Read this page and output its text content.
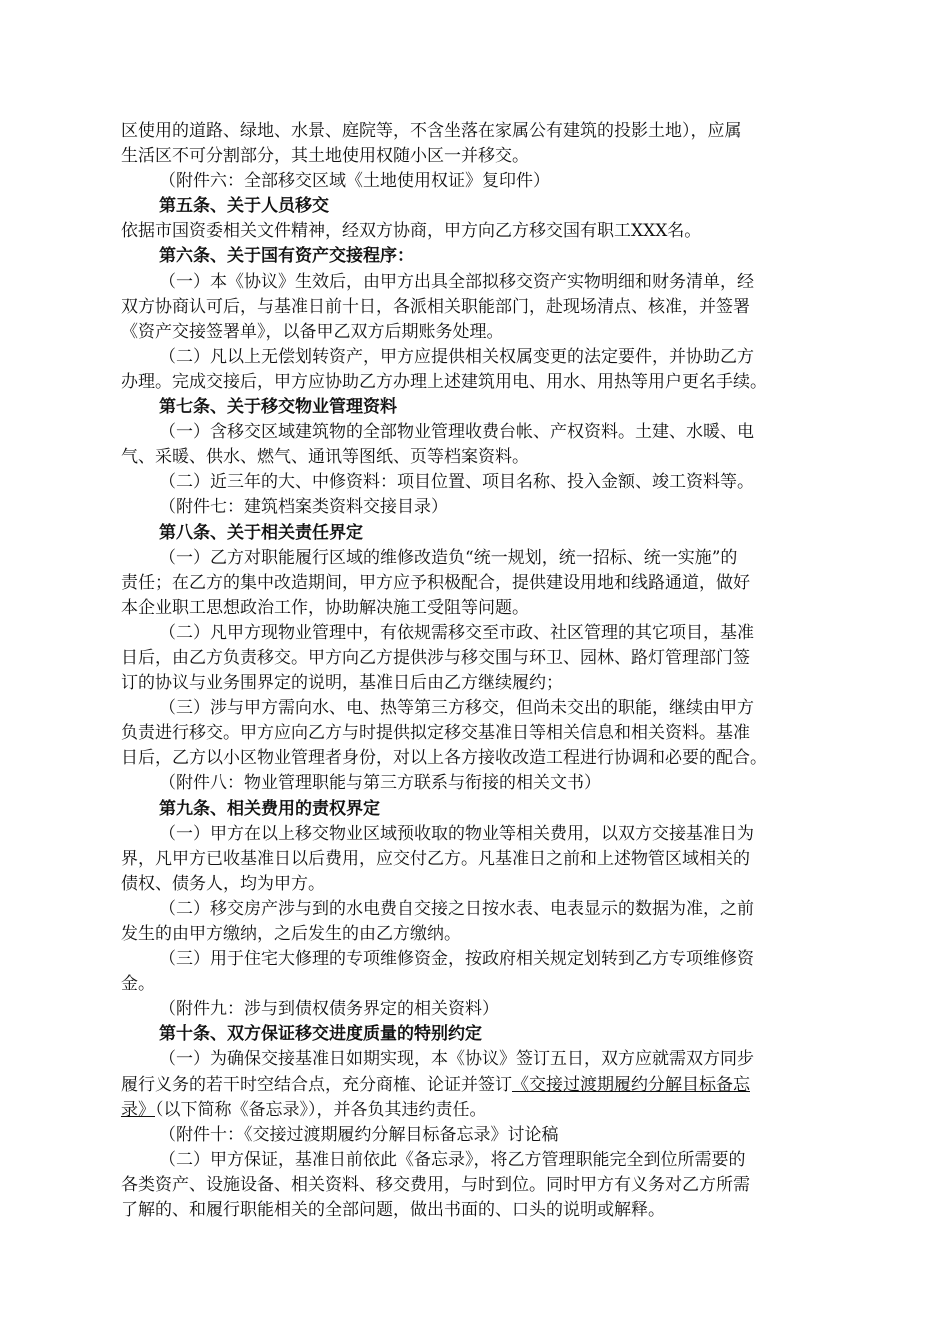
区使用的道路、绿地、水景、庭院等，不含坐落在家属公有建筑的投影土地），应属
生活区不可分割部分，其土地使用权随小区一并移交。
（附件六：全部移交区域《土地使用权证》复印件）
第五条、关于人员移交
依据市国资委相关文件精神，经双方协商，甲方向乙方移交国有职工XXX名。
第六条、关于国有资产交接程序：
（一）本《协议》生效后，由甲方出具全部拟移交资产实物明细和财务清单，经
双方协商认可后，与基准日前十日，各派相关职能部门，赴现场清点、核准，并签署
《资产交接签署单》，以备甲乙双方后期账务处理。
（二）凡以上无偿划转资产，甲方应提供相关权属变更的法定要件，并协助乙方
办理。完成交接后，甲方应协助乙方办理上述建筑用电、用水、用热等用户更名手续。
第七条、关于移交物业管理资料
（一）含移交区域建筑物的全部物业管理收费台帐、产权资料。土建、水暖、电
气、采暖、供水、燃气、通讯等图纸、页等档案资料。
（二）近三年的大、中修资料：项目位置、项目名称、投入金额、竣工资料等。
（附件七：建筑档案类资料交接目录）
第八条、关于相关责任界定
（一）乙方对职能履行区域的维修改造负“统一规划，统一招标、统一实施”的
责任；在乙方的集中改造期间，甲方应予积极配合，提供建设用地和线路通道，做好
本企业职工思想政治工作，协助解决施工受阻等问题。
（二）凡甲方现物业管理中，有依规需移交至市政、社区管理的其它项目，基准
日后，由乙方负责移交。甲方向乙方提供涉与移交围与环卫、园林、路灯管理部门签
订的协议与业务围界定的说明，基准日后由乙方继续履约；
（三）涉与甲方需向水、电、热等第三方移交，但尚未交出的职能，继续由甲方
负责进行移交。甲方应向乙方与时提供拟定移交基准日等相关信息和相关资料。基准
日后，乙方以小区物业管理者身份，对以上各方接收改造工程进行协调和必要的配合。
（附件八：物业管理职能与第三方联系与衔接的相关文书）
第九条、相关费用的责权界定
（一）甲方在以上移交物业区域预收取的物业等相关费用，以双方交接基准日为
界，凡甲方已收基准日以后费用，应交付乙方。凡基准日之前和上述物管区域相关的
债权、债务人，均为甲方。
（二）移交房产涉与到的水电费自交接之日按水表、电表显示的数据为准，之前
发生的由甲方缴纳，之后发生的由乙方缴纳。
（三）用于住宅大修理的专项维修资金，按政府相关规定划转到乙方专项维修资
金。
（附件九：涉与到债权债务界定的相关资料）
第十条、双方保证移交进度质量的特别约定
（一）为确保交接基准日如期实现，本《协议》签订五日，双方应就需双方同步
履行义务的若干时空结合点，充分商榷、论证并签订《交接过渡期履约分解目标备忘
录》（以下简称《备忘录》），并各负其违约责任。
（附件十：《交接过渡期履约分解目标备忘录》讨论稿
（二）甲方保证，基准日前依此《备忘录》，将乙方管理职能完全到位所需要的
各类资产、设施设备、相关资料、移交费用，与时到位。同时甲方有义务对乙方所需
了解的、和履行职能相关的全部问题，做出书面的、口头的说明或解释。
